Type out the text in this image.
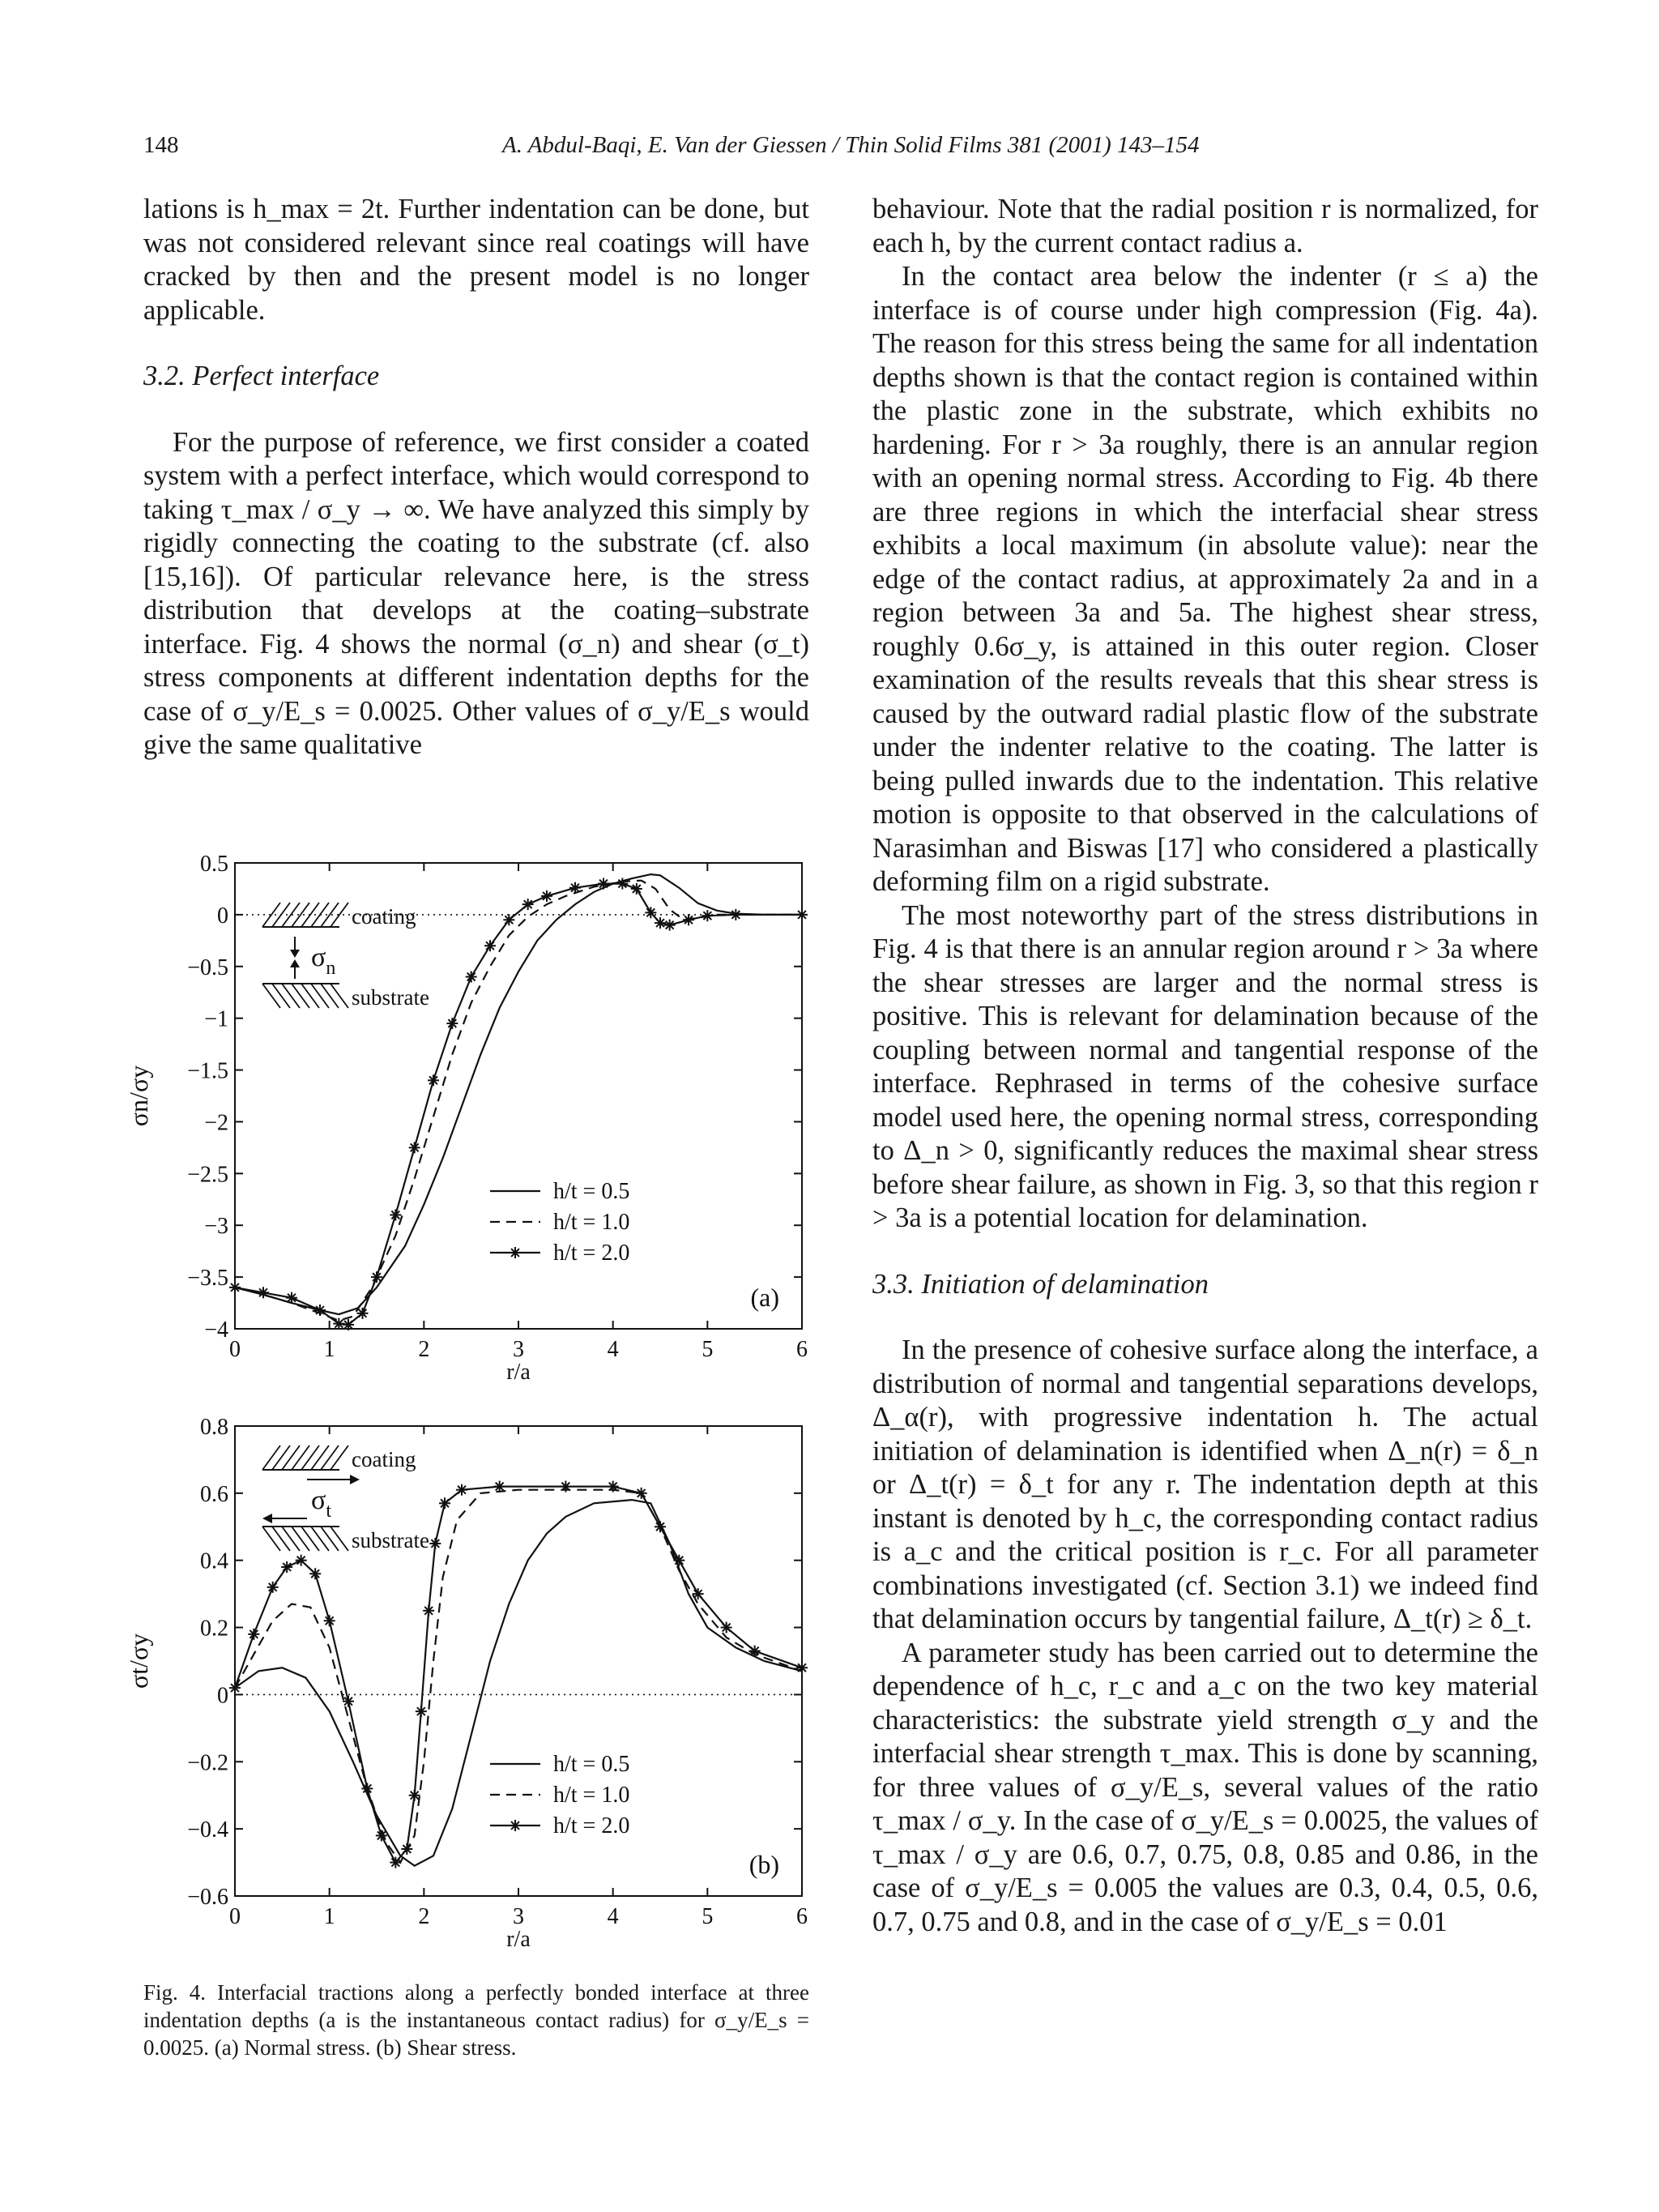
148	A. Abdul-Baqi, E. Van der Giessen / Thin Solid Films 381 (2001) 143–154

lations is h_max = 2t. Further indentation can be done, but was not considered relevant since real coatings will have cracked by then and the present model is no longer applicable.

3.2. Perfect interface

For the purpose of reference, we first consider a coated system with a perfect interface, which would correspond to taking τ_max / σ_y → ∞. We have analyzed this simply by rigidly connecting the coating to the substrate (cf. also [15,16]). Of particular relevance here, is the stress distribution that develops at the coating–substrate interface. Fig. 4 shows the normal (σ_n) and shear (σ_t) stress components at different indentation depths for the case of σ_y/E_s = 0.0025. Other values of σ_y/E_s would give the same qualitative

behaviour. Note that the radial position r is normalized, for each h, by the current contact radius a.

In the contact area below the indenter (r ≤ a) the interface is of course under high compression (Fig. 4a). The reason for this stress being the same for all indentation depths shown is that the contact region is contained within the plastic zone in the substrate, which exhibits no hardening. For r > 3a roughly, there is an annular region with an opening normal stress. According to Fig. 4b there are three regions in which the interfacial shear stress exhibits a local maximum (in absolute value): near the edge of the contact radius, at approximately 2a and in a region between 3a and 5a. The highest shear stress, roughly 0.6σ_y, is attained in this outer region. Closer examination of the results reveals that this shear stress is caused by the outward radial plastic flow of the substrate under the indenter relative to the coating. The latter is being pulled inwards due to the indentation. This relative motion is opposite to that observed in the calculations of Narasimhan and Biswas [17] who considered a plastically deforming film on a rigid substrate.

The most noteworthy part of the stress distributions in Fig. 4 is that there is an annular region around r > 3a where the shear stresses are larger and the normal stress is positive. This is relevant for delamination because of the coupling between normal and tangential response of the interface. Rephrased in terms of the cohesive surface model used here, the opening normal stress, corresponding to Δ_n > 0, significantly reduces the maximal shear stress before shear failure, as shown in Fig. 3, so that this region r > 3a is a potential location for delamination.

3.3. Initiation of delamination

In the presence of cohesive surface along the interface, a distribution of normal and tangential separations develops, Δ_α(r), with progressive indentation h. The actual initiation of delamination is identified when Δ_n(r) = δ_n or Δ_t(r) = δ_t for any r. The indentation depth at this instant is denoted by h_c, the corresponding contact radius is a_c and the critical position is r_c. For all parameter combinations investigated (cf. Section 3.1) we indeed find that delamination occurs by tangential failure, Δ_t(r) ≥ δ_t.

A parameter study has been carried out to determine the dependence of h_c, r_c and a_c on the two key material characteristics: the substrate yield strength σ_y and the interfacial shear strength τ_max. This is done by scanning, for three values of σ_y/E_s, several values of the ratio τ_max / σ_y. In the case of σ_y/E_s = 0.0025, the values of τ_max / σ_y are 0.6, 0.7, 0.75, 0.8, 0.85 and 0.86, in the case of σ_y/E_s = 0.005 the values are 0.3, 0.4, 0.5, 0.6, 0.7, 0.75 and 0.8, and in the case of σ_y/E_s = 0.01

0	1	2	3	4	5	6
0.5
0
−0.5
−1
−1.5
−2
−2.5
−3
−3.5
−4
r/a
σn/σy
h/t = 0.5
h/t = 1.0
h/t = 2.0
(a)
coating
substrate
$\sigma_n$
0	1	2	3	4	5	6
0.8
0.6
0.4
0.2
0
−0.2
−0.4
−0.6
r/a
σt/σy
h/t = 0.5
h/t = 1.0
h/t = 2.0
(b)
coating
substrate
$\sigma_t$

Fig. 4. Interfacial tractions along a perfectly bonded interface at three indentation depths (a is the instantaneous contact radius) for σ_y/E_s = 0.0025. (a) Normal stress. (b) Shear stress.
